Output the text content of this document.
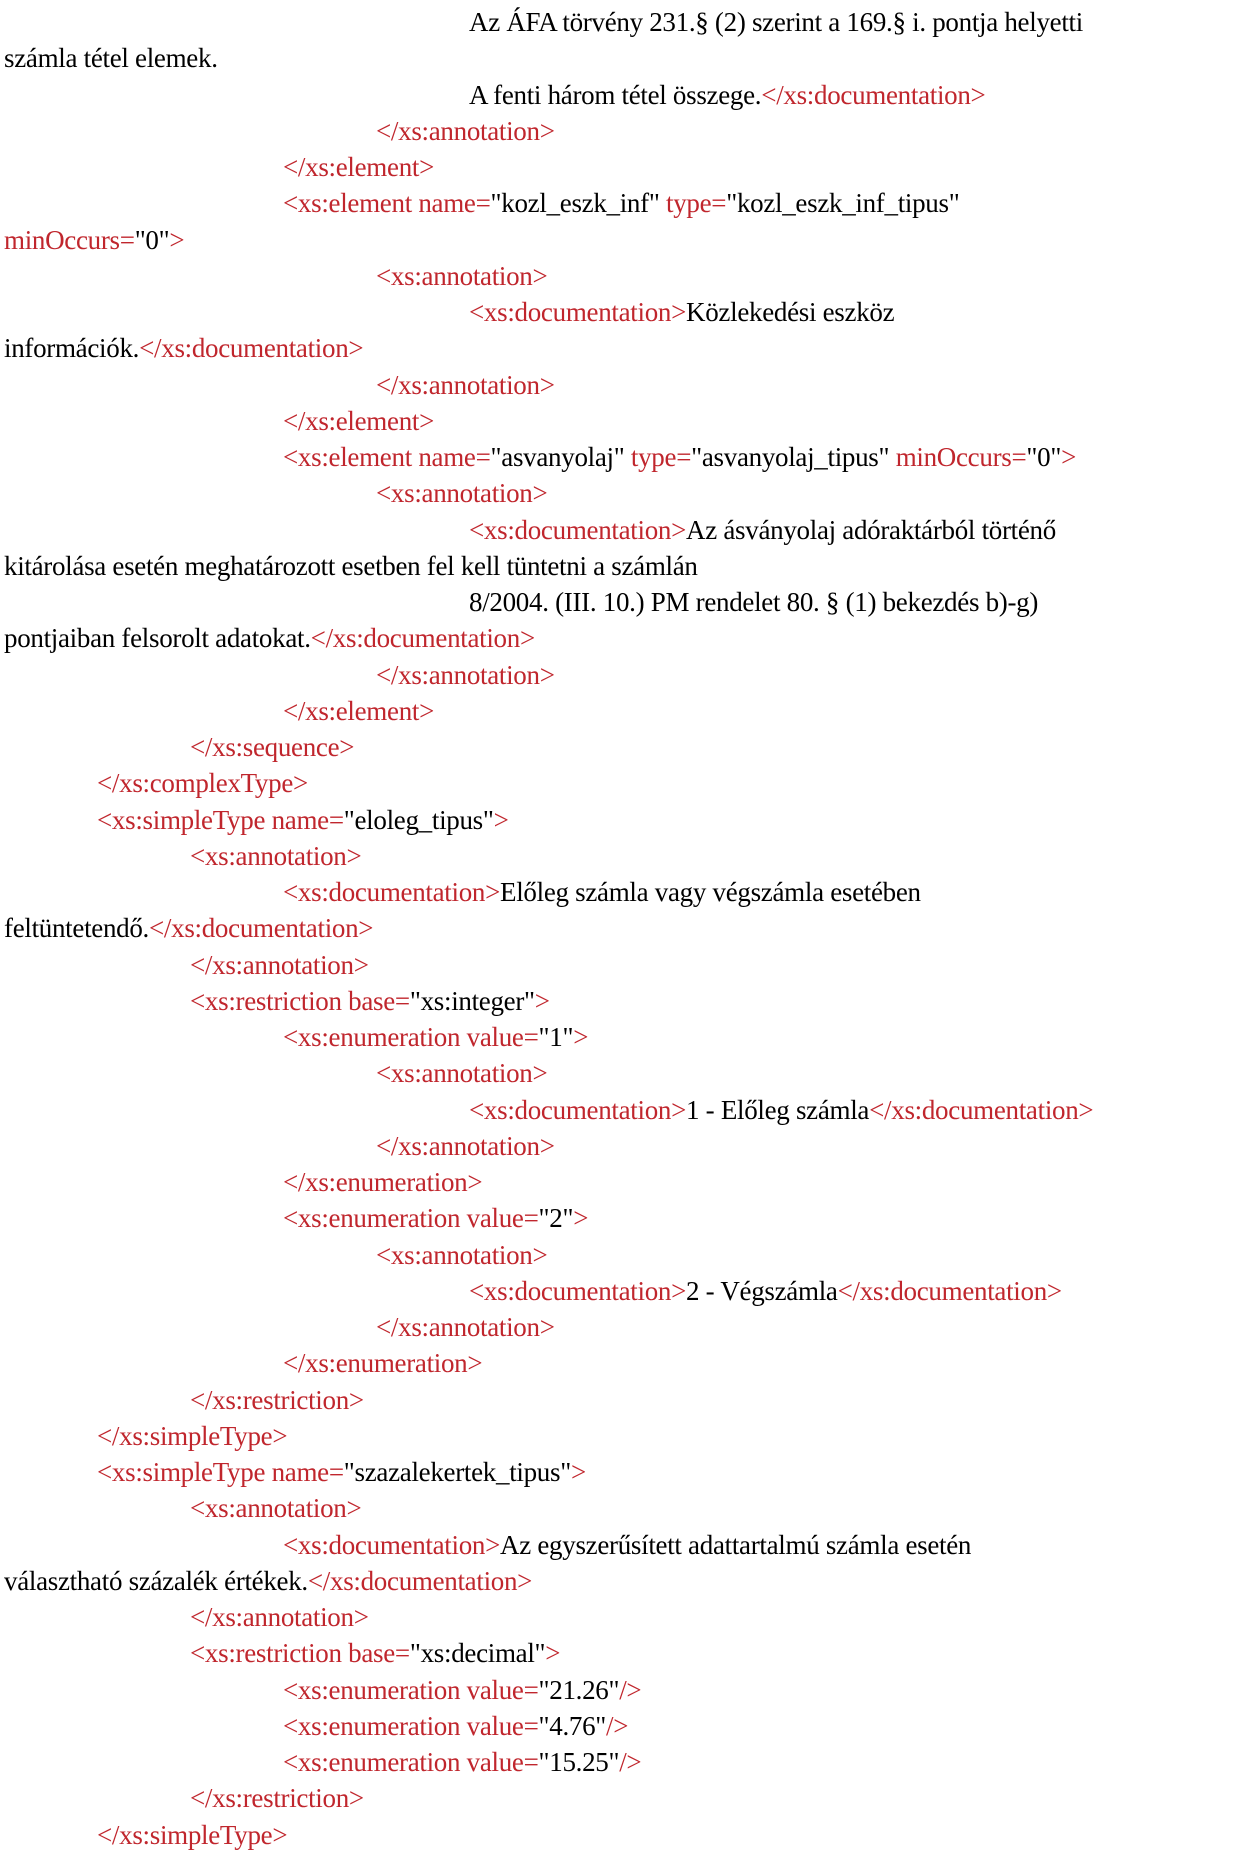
Az ÁFA törvény 231.§ (2) szerint a 169.§ i. pontja helyetti
számla tétel elemek.
A fenti három tétel összege.</xs:documentation>
</xs:annotation>
</xs:element>
<xs:element name="kozl_eszk_inf" type="kozl_eszk_inf_tipus"
minOccurs="0">
<xs:annotation>
<xs:documentation>Közlekedési eszköz
információk.</xs:documentation>
</xs:annotation>
</xs:element>
<xs:element name="asvanyolaj" type="asvanyolaj_tipus" minOccurs="0">
<xs:annotation>
<xs:documentation>Az ásványolaj adóraktárból történő
kitárolása esetén meghatározott esetben fel kell tüntetni a számlán
8/2004. (III. 10.) PM rendelet 80. § (1) bekezdés b)-g)
pontjaiban felsorolt adatokat.</xs:documentation>
</xs:annotation>
</xs:element>
</xs:sequence>
</xs:complexType>
<xs:simpleType name="eloleg_tipus">
<xs:annotation>
<xs:documentation>Előleg számla vagy végszámla esetében
feltüntetendő.</xs:documentation>
</xs:annotation>
<xs:restriction base="xs:integer">
<xs:enumeration value="1">
<xs:annotation>
<xs:documentation>1 - Előleg számla</xs:documentation>
</xs:annotation>
</xs:enumeration>
<xs:enumeration value="2">
<xs:annotation>
<xs:documentation>2 - Végszámla</xs:documentation>
</xs:annotation>
</xs:enumeration>
</xs:restriction>
</xs:simpleType>
<xs:simpleType name="szazalekertek_tipus">
<xs:annotation>
<xs:documentation>Az egyszerűsített adattartalmú számla esetén
választható százalék értékek.</xs:documentation>
</xs:annotation>
<xs:restriction base="xs:decimal">
<xs:enumeration value="21.26"/>
<xs:enumeration value="4.76"/>
<xs:enumeration value="15.25"/>
</xs:restriction>
</xs:simpleType>
